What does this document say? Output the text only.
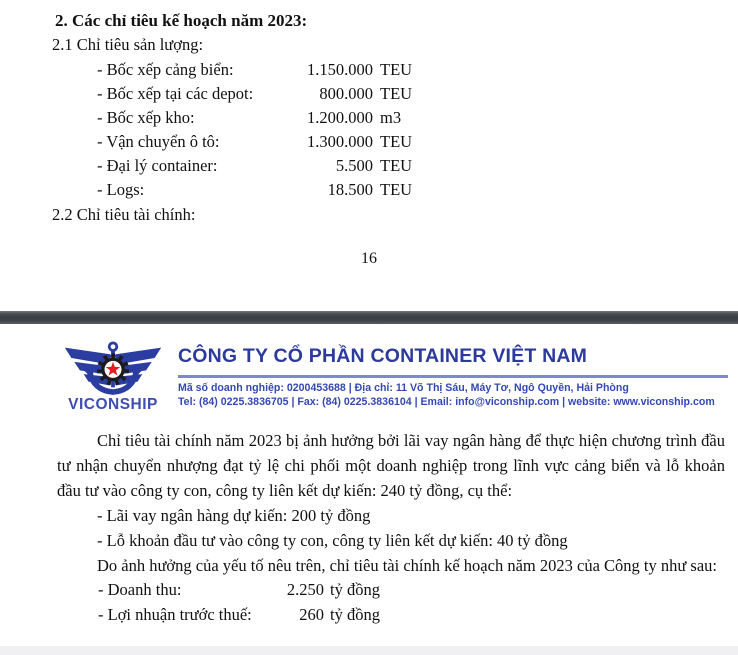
2. Các chỉ tiêu kế hoạch năm 2023:
2.1 Chỉ tiêu sản lượng:
- Bốc xếp cảng biển:	1.150.000 TEU
- Bốc xếp tại các depot:	800.000 TEU
- Bốc xếp kho:	1.200.000 m3
- Vận chuyển ô tô:	1.300.000 TEU
- Đại lý container:	5.500 TEU
- Logs:	18.500 TEU
2.2 Chỉ tiêu tài chính:
16
VICONSHIP
CÔNG TY CỔ PHẦN CONTAINER VIỆT NAM
Mã số doanh nghiệp: 0200453688 | Địa chỉ: 11 Võ Thị Sáu, Máy Tơ, Ngô Quyền, Hải Phòng
Tel: (84) 0225.3836705 | Fax: (84) 0225.3836104 | Email: info@viconship.com | website: www.viconship.com

Chỉ tiêu tài chính năm 2023 bị ảnh hưởng bởi lãi vay ngân hàng để thực hiện chương trình đầu tư nhận chuyển nhượng đạt tỷ lệ chi phối một doanh nghiệp trong lĩnh vực cảng biển và lỗ khoản đầu tư vào công ty con, công ty liên kết dự kiến: 240 tỷ đồng, cụ thể:

- Lãi vay ngân hàng dự kiến: 200 tỷ đồng
- Lỗ khoản đầu tư vào công ty con, công ty liên kết dự kiến: 40 tỷ đồng

Do ảnh hưởng của yếu tố nêu trên, chỉ tiêu tài chính kế hoạch năm 2023 của Công ty như sau:

- Doanh thu:	2.250 tỷ đồng
- Lợi nhuận trước thuế:	260 tỷ đồng
